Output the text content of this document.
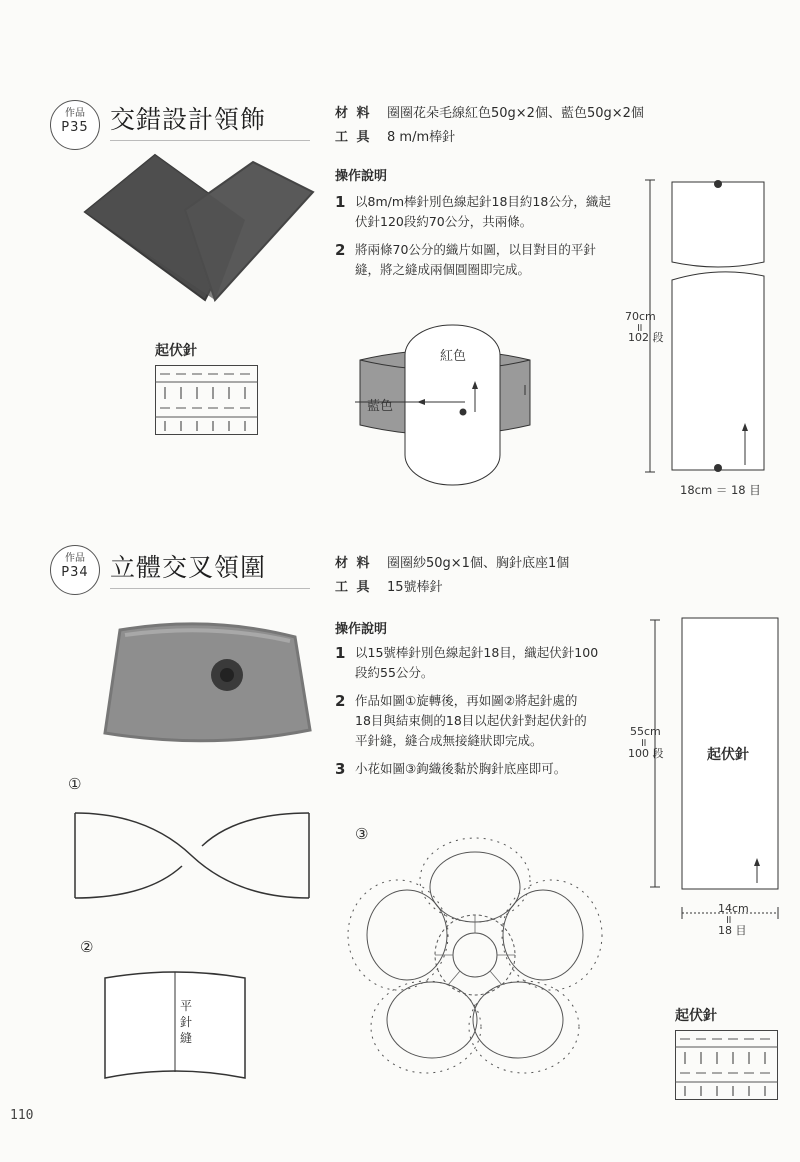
作品
P35 交錯設計領飾	材 料 圈圈花朵毛線紅色50g×2個、藍色50g×2個
工 具 8 m/m棒針
操作說明
1 以8m/m棒針別色線起針18目約18公分，織起
伏針120段約70公分，共兩條。
2 將兩條70公分的織片如圖，以目對目的平針
縫，將之縫成兩個圓圈即完成。
起伏針	紅色
藍色
70cm
॥
102 段
18cm ＝ 18 目
作品
P34 立體交叉領圍	材 料 圈圈紗50g×1個、胸針底座1個
工 具 15號棒針
操作說明
1 以15號棒針別色線起針18目，織起伏針100
段約55公分。
2 作品如圖①旋轉後，再如圖②將起針處的
18目與結束側的18目以起伏針對起伏針的
平針縫，縫合成無接縫狀即完成。
3 小花如圖③鉤織後黏於胸針底座即可。
①
②
平針縫
③
起伏針
55cm
॥
100 段
14cm
॥
18 目
起伏針
110
